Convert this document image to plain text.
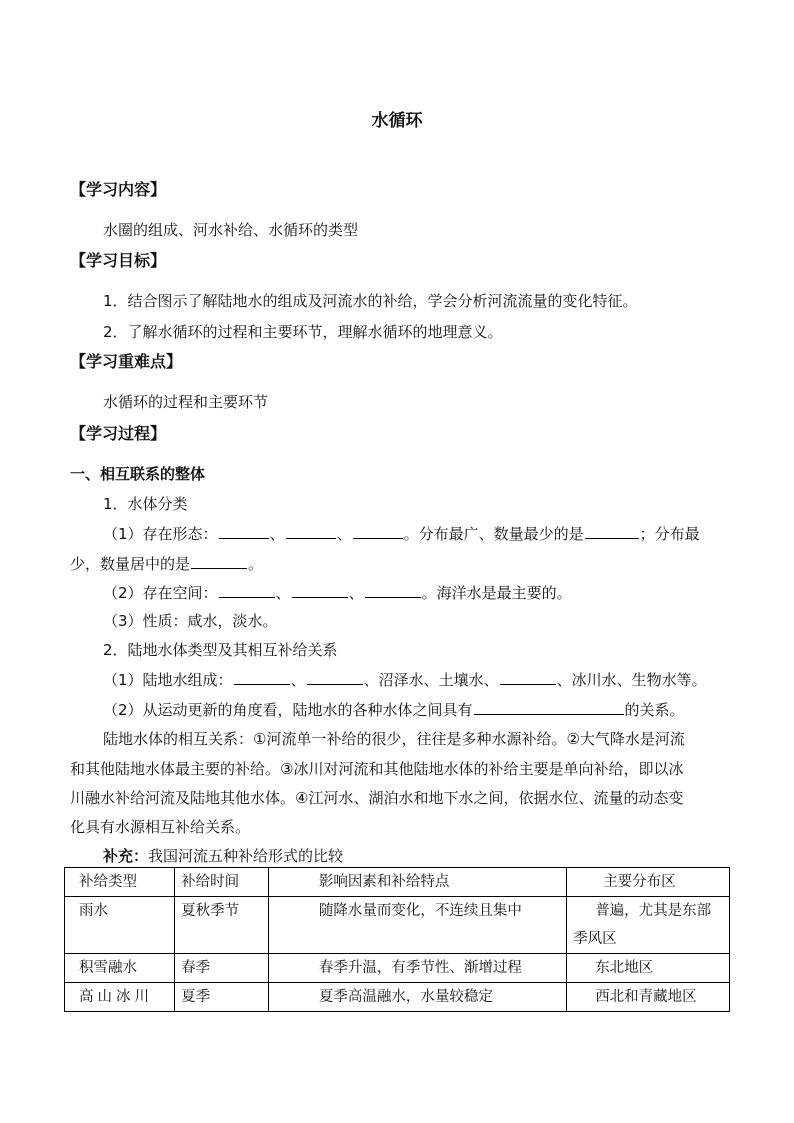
水循环
【学习内容】
水圈的组成、河水补给、水循环的类型
【学习目标】
1．结合图示了解陆地水的组成及河流水的补给，学会分析河流流量的变化特征。
2．了解水循环的过程和主要环节，理解水循环的地理意义。
【学习重难点】
水循环的过程和主要环节
【学习过程】
一、相互联系的整体
1．水体分类
（1）存在形态：	、	、	。分布最广、数量最少的是	；分布最
少，数量居中的是	。
（2）存在空间：	、	、	。海洋水是最主要的。
（3）性质：咸水，淡水。
2．陆地水体类型及其相互补给关系
（1）陆地水组成：	、	、沼泽水、土壤水、	、冰川水、生物水等。
（2）从运动更新的角度看，陆地水的各种水体之间具有	的关系。
陆地水体的相互关系：①河流单一补给的很少，往往是多种水源补给。②大气降水是河流
和其他陆地水体最主要的补给。③冰川对河流和其他陆地水体的补给主要是单向补给，即以冰
川融水补给河流及陆地其他水体。④江河水、湖泊水和地下水之间，依据水位、流量的动态变
化具有水源相互补给关系。
补充：我国河流五种补给形式的比较
补给类型	补给时间	影响因素和补给特点	主要分布区
雨水	夏秋季节	随降水量而变化，不连续且集中	普遍，尤其是东部季风区
积雪融水	春季	春季升温，有季节性、渐增过程	东北地区
高山冰川	夏季	夏季高温融水，水量较稳定	西北和青藏地区
